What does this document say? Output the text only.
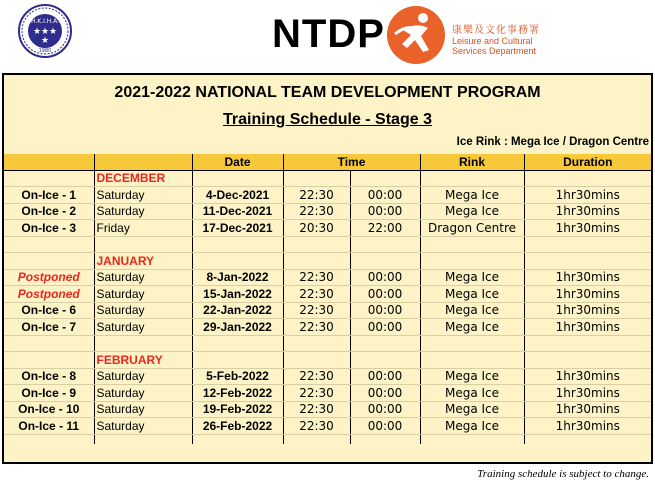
H.K.I.H.A.
★ ★ ★
★
1980	NTDP	康樂及文化事務署
Leisure and Cultural
Services Department
2021-2022 NATIONAL TEAM DEVELOPMENT PROGRAM
Training Schedule - Stage 3
Ice Rink : Mega Ice / Dragon Centre
		Date	Time		Rink	Duration
	DECEMBER					
On-Ice - 1	Saturday	4-Dec-2021	22:30	00:00	Mega Ice	1hr30mins
On-Ice - 2	Saturday	11-Dec-2021	22:30	00:00	Mega Ice	1hr30mins
On-Ice - 3	Friday	17-Dec-2021	20:30	22:00	Dragon Centre	1hr30mins

	JANUARY					
Postponed	Saturday	8-Jan-2022	22:30	00:00	Mega Ice	1hr30mins
Postponed	Saturday	15-Jan-2022	22:30	00:00	Mega Ice	1hr30mins
On-Ice - 6	Saturday	22-Jan-2022	22:30	00:00	Mega Ice	1hr30mins
On-Ice - 7	Saturday	29-Jan-2022	22:30	00:00	Mega Ice	1hr30mins

	FEBRUARY					
On-Ice - 8	Saturday	5-Feb-2022	22:30	00:00	Mega Ice	1hr30mins
On-Ice - 9	Saturday	12-Feb-2022	22:30	00:00	Mega Ice	1hr30mins
On-Ice - 10	Saturday	19-Feb-2022	22:30	00:00	Mega Ice	1hr30mins
On-Ice - 11	Saturday	26-Feb-2022	22:30	00:00	Mega Ice	1hr30mins

Training schedule is subject to change.
